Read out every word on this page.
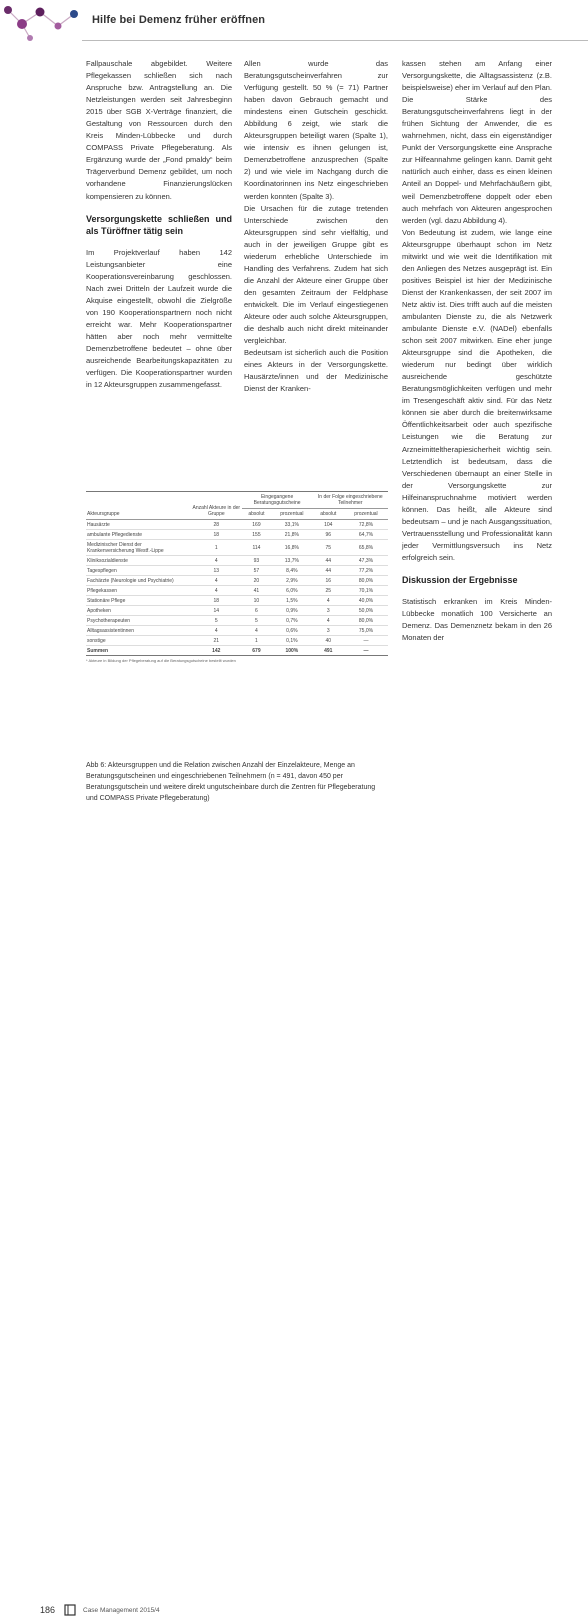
Hilfe bei Demenz früher eröffnen

Fallpauschale abgebildet. Weitere Pflegekassen schließen sich nach Anspruche bzw. Antragstellung an. Die Netzleistungen werden seit Jahresbeginn 2015 über SGB X-Verträge finanziert, die Gestaltung von Ressourcen durch den Kreis Minden-Lübbecke und durch COMPASS Private Pflegeberatung. Als Ergänzung wurde der „Fond pmaldy“ beim Trägerverbund Demenz gebildet, um noch vorhandene Finanzierungslücken kompensieren zu können.

Versorgungskette schließen und als Türöffner tätig sein

Im Projektverlauf haben 142 Leistungsanbieter eine Kooperationsvereinbarung geschlossen. Nach zwei Dritteln der Laufzeit wurde die Akquise eingestellt, obwohl die Zielgröße von 190 Kooperationspartnern noch nicht erreicht war. Mehr Kooperationspartner hätten aber noch mehr vermittelte Demenzbetroffene bedeutet – ohne über ausreichende Bearbeitungskapazitäten zu verfügen. Die Kooperationspartner wurden in 12 Akteursgruppen zusammengefasst.

Allen wurde das Beratungsgutscheinverfahren zur Verfügung gestellt. 50 % (= 71) Partner haben davon Gebrauch gemacht und mindestens einen Gutschein geschickt. Abbildung 6 zeigt, wie stark die Akteursgruppen beteiligt waren (Spalte 1), wie intensiv es ihnen gelungen ist, Demenzbetroffene anzusprechen (Spalte 2) und wie viele im Nachgang durch die Koordinatorinnen ins Netz eingeschrieben werden konnten (Spalte 3).

Die Ursachen für die zutage tretenden Unterschiede zwischen den Akteursgruppen sind sehr vielfältig, und auch in der jeweiligen Gruppe gibt es wiederum erhebliche Unterschiede im Handling des Verfahrens. Zudem hat sich die Anzahl der Akteure einer Gruppe über den gesamten Zeitraum der Feldphase entwickelt. Die im Verlauf eingestiegenen Akteure oder auch solche Akteursgruppen, die deshalb auch nicht direkt miteinander vergleichbar.

Bedeutsam ist sicherlich auch die Position eines Akteurs in der Versorgungskette. Hausärzte/innen und der Medizinische Dienst der Kranken-

kassen stehen am Anfang einer Versorgungskette, die Alltagsassistenz (z.B. beispielsweise) eher im Verlauf auf den Plan. Die Stärke des Beratungsgutscheinverfahrens liegt in der frühen Sichtung der Anwender, die es wahrnehmen, nicht, dass ein eigenständiger Punkt der Versorgungskette eine Ansprache zur Hilfeannahme gelingen kann. Damit geht natürlich auch einher, dass es einen kleinen Anteil an Doppel- und Mehrfachäußern gibt, weil Demenzbetroffene doppelt oder eben auch mehrfach von Akteuren angesprochen werden (vgl. dazu Abbildung 4).

Von Bedeutung ist zudem, wie lange eine Akteursgruppe überhaupt schon im Netz mitwirkt und wie weit die Identifikation mit den Anliegen des Netzes ausgeprägt ist. Ein positives Beispiel ist hier der Medizinische Dienst der Krankenkassen, der seit 2007 im Netz aktiv ist. Dies trifft auch auf die meisten ambulanten Dienste zu, die als Netzwerk ambulante Dienste e.V. (NADel) ebenfalls schon seit 2007 mitwirken. Eine eher junge Akteursgruppe sind die Apotheken, die wiederum nur bedingt über wirklich ausreichende geschützte Beratungsmöglichkeiten verfügen und mehr im Tresengeschäft aktiv sind. Für das Netz können sie aber durch die breitenwirksame Öffentlichkeitsarbeit oder auch spezifische Leistungen wie die Beratung zur Arzneimitteltherapiesicherheit wichtig sein. Letztendlich ist bedeutsam, dass die Verschiedenen übernaupt an einer Stelle in der Versorgungskette zur Hilfeinanspruchnahme motiviert werden können. Das heißt, alle Akteure sind bedeutsam – und je nach Ausgangssituation, Vertrauensstellung und Professionalität kann jeder Vermittlungsversuch ins Netz erfolgreich sein.

Diskussion der Ergebnisse

Statistisch erkranken im Kreis Minden-Lübbecke monatlich 100 Versicherte an Demenz. Das Demenznetz bekam in den 26 Monaten der

Akteursgruppe	Anzahl Akteure in der Gruppe	Eingegangene Beratungsgutscheine		In der Folge eingeschriebene Teilnehmer	
		absolut	prozentual	absolut	prozentual
Hausärzte	28	169	33,1%	104	72,8%
ambulante Pflegedienste	18	155	21,8%	96	64,7%
Medizinischer Dienst der Krankenversicherung Westf.-Lippe	1	114	16,8%	75	65,8%
Kliniksozialdienste	4	93	13,7%	44	47,3%
Tagespflegen	13	57	8,4%	44	77,2%
Fachärzte (Neurologie und Psychiatrie)	4	20	2,9%	16	80,0%
Pflegekassen	4	41	6,0%	25	70,1%
Stationäre Pflege	18	10	1,5%	4	40,0%
Apotheken	14	6	0,9%	3	50,0%
Psychotherapeuten	5	5	0,7%	4	80,0%
Alltagsassistentinnen	4	4	0,6%	3	75,0%
sonstige	21	1	0,1%	40	—
Summen	142	679	100%	491	—
* Akteure in Bildung der Pflegeberatung auf die Beratungsgutscheine bestellt wurden
Abb 6: Akteursgruppen und die Relation zwischen Anzahl der Einzelakteure, Menge an Beratungsgutscheinen und eingeschriebenen Teilnehmern (n = 491, davon 450 per Beratungsgutschein und weitere direkt ungutscheinbare durch die Zentren für Pflegeberatung und COMPASS Private Pflegeberatung)
186	Case Management 2015/4
